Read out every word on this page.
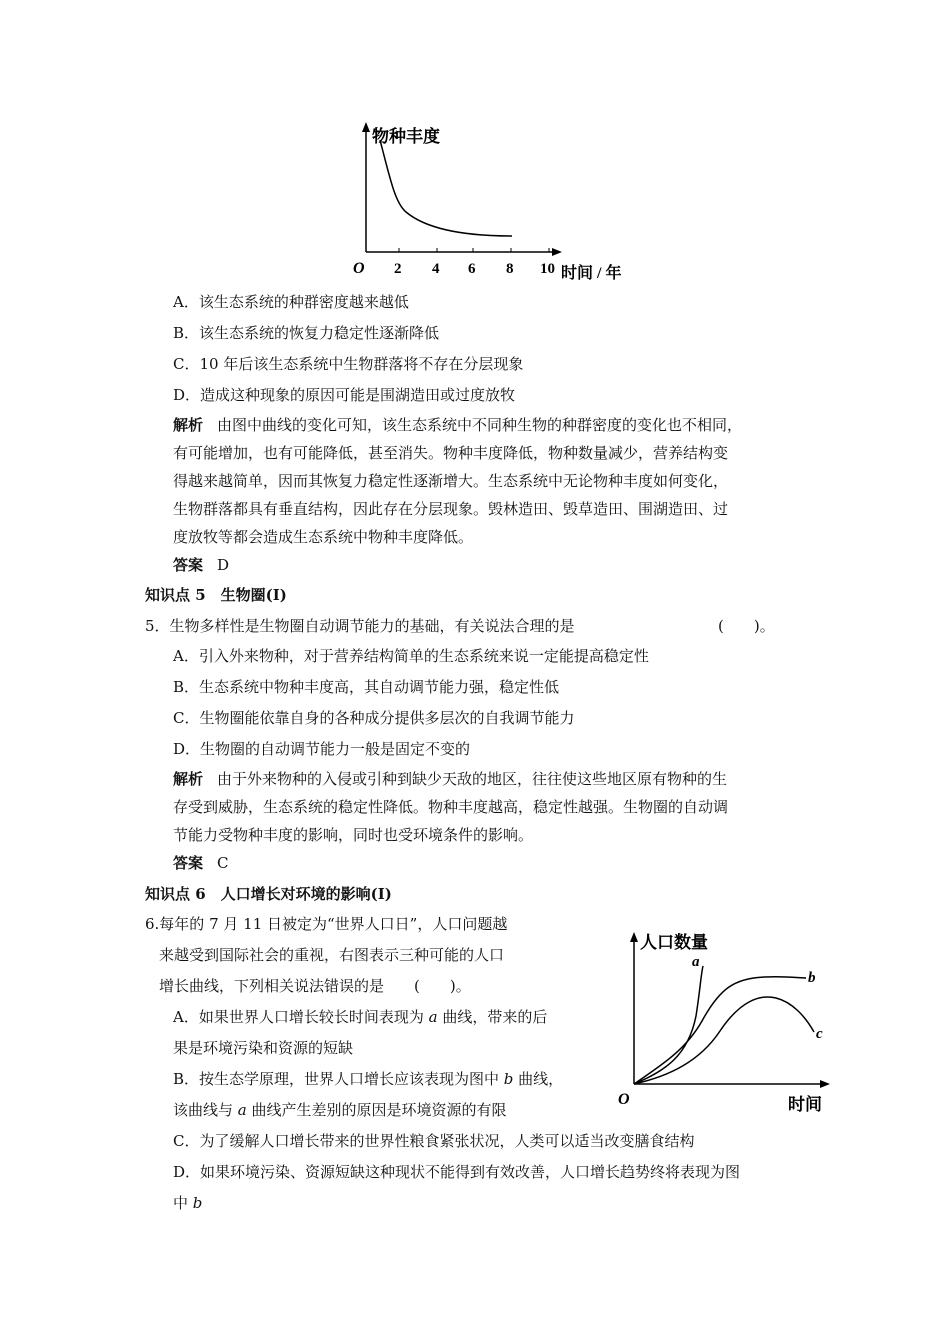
物种丰度
O 2 4 6 8 10 时间 / 年
A．该生态系统的种群密度越来越低
B．该生态系统的恢复力稳定性逐渐降低
C．10 年后该生态系统中生物群落将不存在分层现象
D．造成这种现象的原因可能是围湖造田或过度放牧
解析 由图中曲线的变化可知，该生态系统中不同种生物的种群密度的变化也不相同，
有可能增加，也有可能降低，甚至消失。物种丰度降低，物种数量减少，营养结构变
得越来越简单，因而其恢复力稳定性逐渐增大。生态系统中无论物种丰度如何变化，
生物群落都具有垂直结构，因此存在分层现象。毁林造田、毁草造田、围湖造田、过
度放牧等都会造成生态系统中物种丰度降低。
答案 D
知识点 5　生物圈(Ⅰ)
5．生物多样性是生物圈自动调节能力的基础，有关说法合理的是	(　　)。
A．引入外来物种，对于营养结构简单的生态系统来说一定能提高稳定性
B．生态系统中物种丰度高，其自动调节能力强，稳定性低
C．生物圈能依靠自身的各种成分提供多层次的自我调节能力
D．生物圈的自动调节能力一般是固定不变的
解析 由于外来物种的入侵或引种到缺少天敌的地区，往往使这些地区原有物种的生
存受到威胁，生态系统的稳定性降低。物种丰度越高，稳定性越强。生物圈的自动调
节能力受物种丰度的影响，同时也受环境条件的影响。
答案 C
知识点 6　人口增长对环境的影响(Ⅰ)
6.每年的 7 月 11 日被定为“世界人口日”，人口问题越
来越受到国际社会的重视，右图表示三种可能的人口
增长曲线，下列相关说法错误的是　　(　　)。
A．如果世界人口增长较长时间表现为 a 曲线，带来的后
果是环境污染和资源的短缺
B．按生态学原理，世界人口增长应该表现为图中 b 曲线，
该曲线与 a 曲线产生差别的原因是环境资源的有限
C．为了缓解人口增长带来的世界性粮食紧张状况，人类可以适当改变膳食结构
D．如果环境污染、资源短缺这种现状不能得到有效改善，人口增长趋势终将表现为图
中 b
人口数量
O	时间
a
b
c
